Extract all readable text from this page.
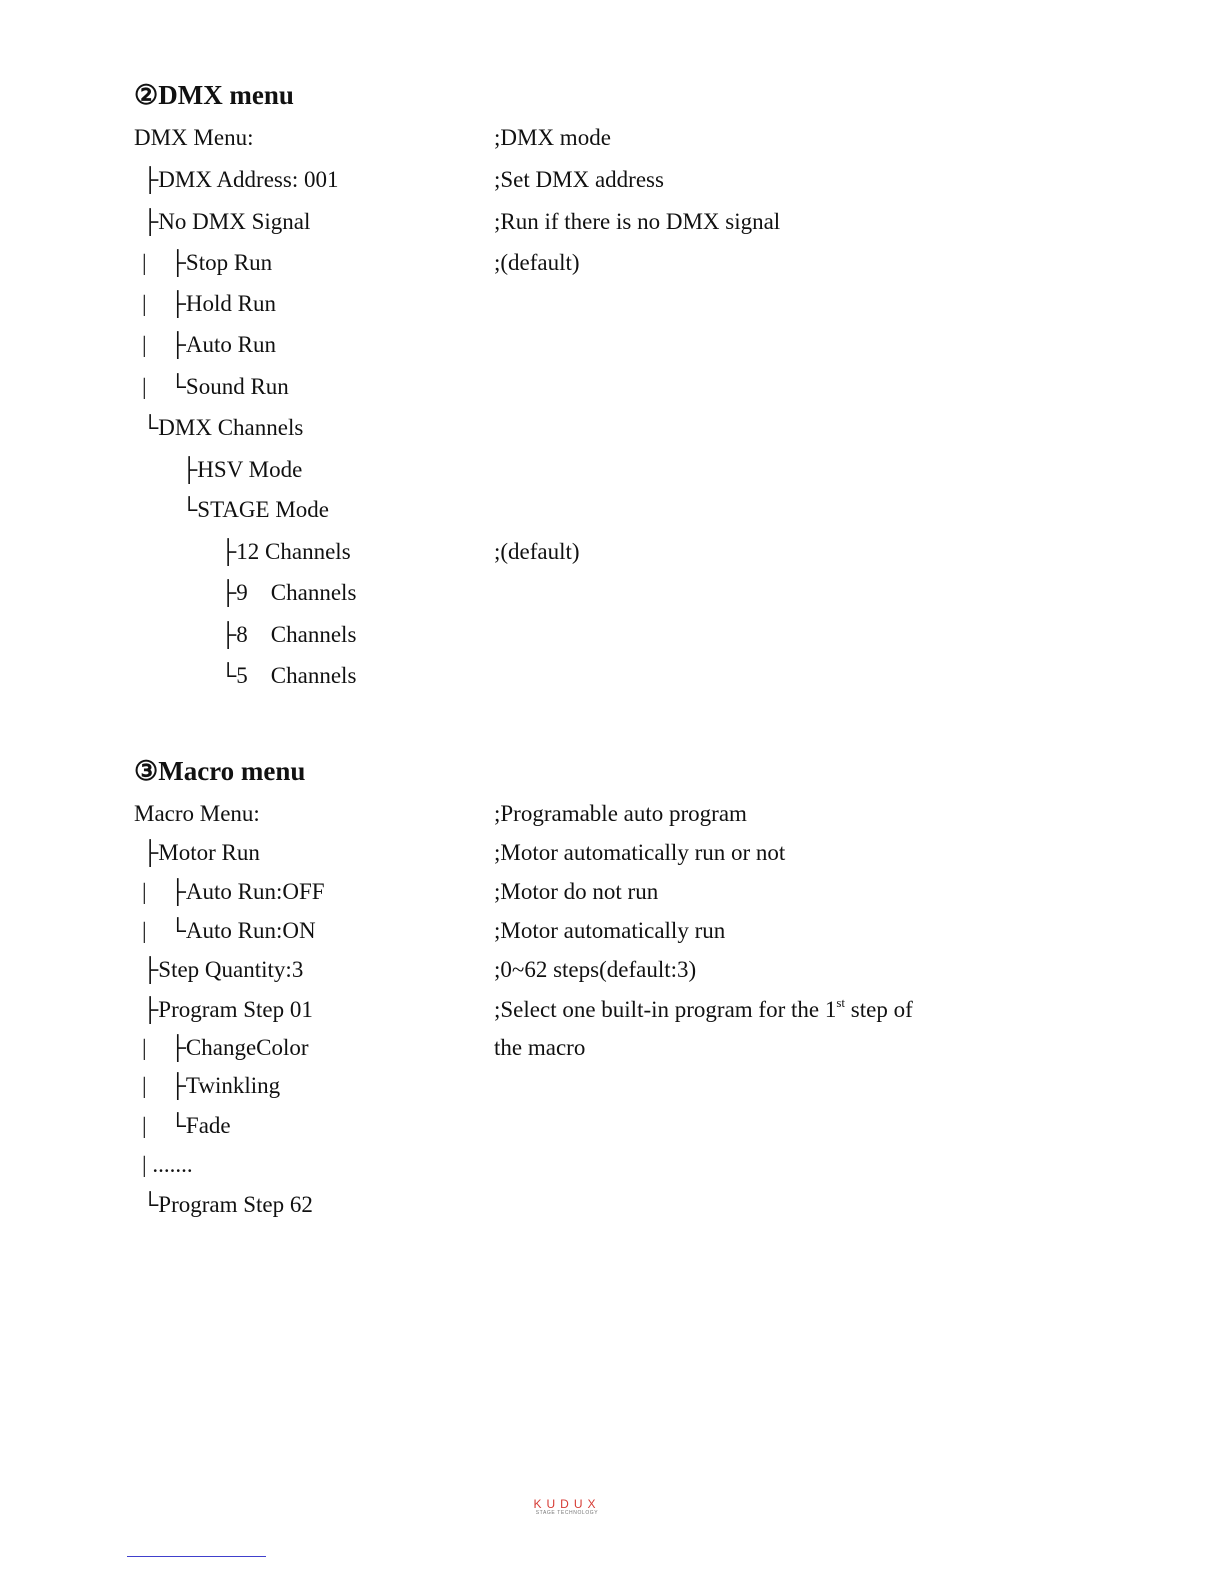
②DMX menu
DMX Menu:	;DMX mode
├DMX Address: 001	;Set DMX address
├No DMX Signal	;Run if there is no DMX signal
|    ├Stop Run	;(default)
|    ├Hold Run
|    ├Auto Run
|    └Sound Run
└DMX Channels
├HSV Mode
└STAGE Mode
├12 Channels	;(default)
├9    Channels
├8    Channels
└5    Channels
③Macro menu
Macro Menu:	;Programable auto program
├Motor Run	;Motor automatically run or not
|    ├Auto Run:OFF	;Motor do not run
|    └Auto Run:ON	;Motor automatically run
├Step Quantity:3	;0~62 steps(default:3)
├Program Step 01	;Select one built-in program for the 1st step of
|    ├ChangeColor	the macro
|    ├Twinkling
|    └Fade
| .......
└Program Step 62
KUDUX
STAGE TECHNOLOGY
